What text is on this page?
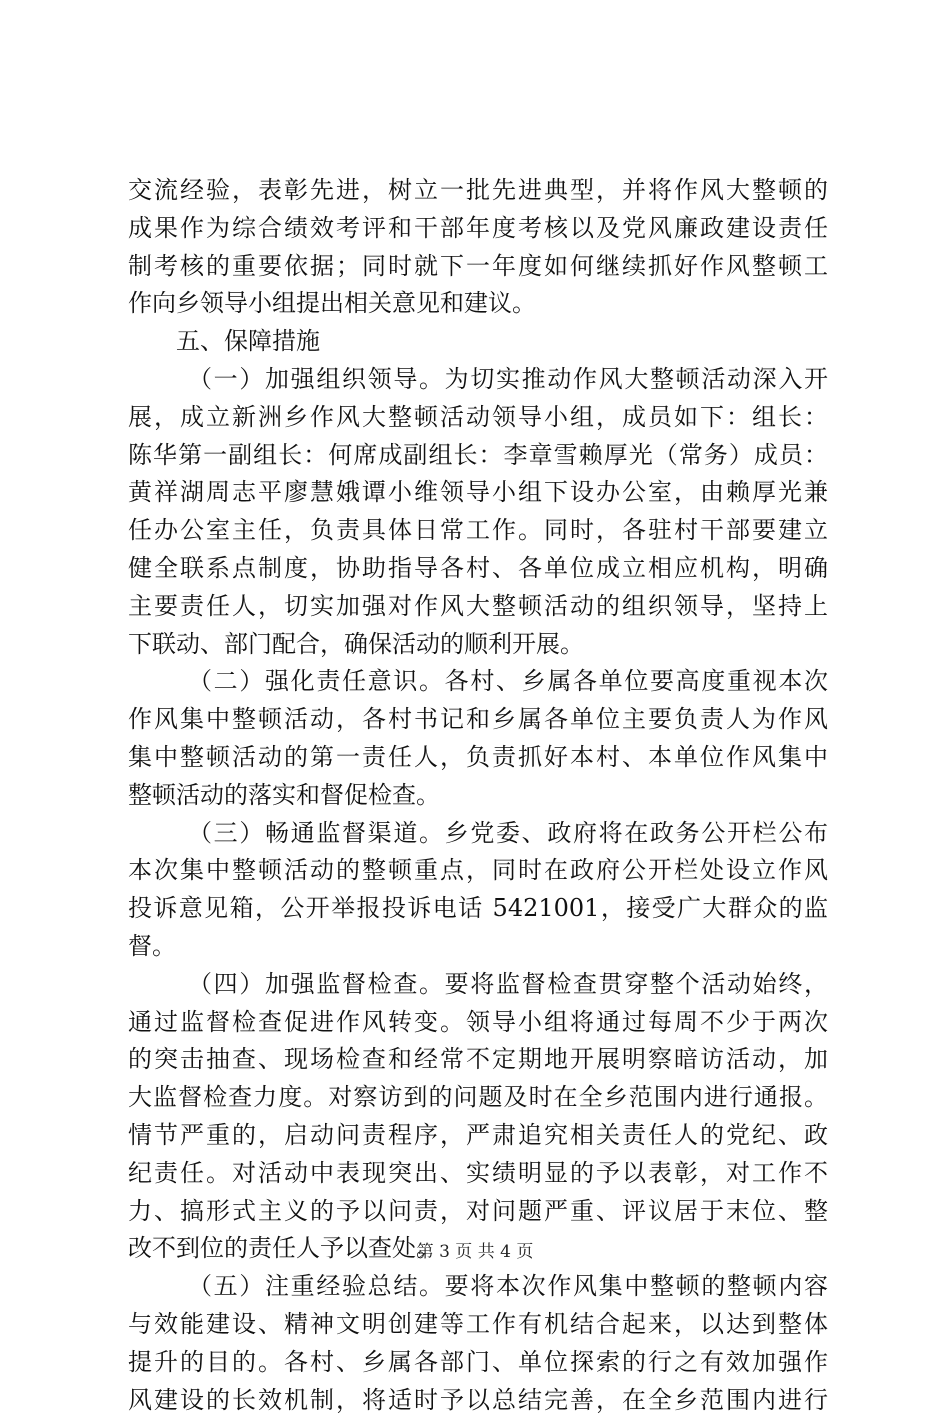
交流经验，表彰先进，树立一批先进典型，并将作风大整顿的
成果作为综合绩效考评和干部年度考核以及党风廉政建设责任
制考核的重要依据；同时就下一年度如何继续抓好作风整顿工
作向乡领导小组提出相关意见和建议。
五、保障措施
（一）加强组织领导。为切实推动作风大整顿活动深入开
展，成立新洲乡作风大整顿活动领导小组，成员如下：组长：
陈华第一副组长：何席成副组长：李章雪赖厚光（常务）成员：
黄祥湖周志平廖慧娥谭小维领导小组下设办公室，由赖厚光兼
任办公室主任，负责具体日常工作。同时，各驻村干部要建立
健全联系点制度，协助指导各村、各单位成立相应机构，明确
主要责任人，切实加强对作风大整顿活动的组织领导，坚持上
下联动、部门配合，确保活动的顺利开展。
（二）强化责任意识。各村、乡属各单位要高度重视本次
作风集中整顿活动，各村书记和乡属各单位主要负责人为作风
集中整顿活动的第一责任人，负责抓好本村、本单位作风集中
整顿活动的落实和督促检查。
（三）畅通监督渠道。乡党委、政府将在政务公开栏公布
本次集中整顿活动的整顿重点，同时在政府公开栏处设立作风
投诉意见箱，公开举报投诉电话 5421001，接受广大群众的监
督。
（四）加强监督检查。要将监督检查贯穿整个活动始终，
通过监督检查促进作风转变。领导小组将通过每周不少于两次
的突击抽查、现场检查和经常不定期地开展明察暗访活动，加
大监督检查力度。对察访到的问题及时在全乡范围内进行通报。
情节严重的，启动问责程序，严肃追究相关责任人的党纪、政
纪责任。对活动中表现突出、实绩明显的予以表彰，对工作不
力、搞形式主义的予以问责，对问题严重、评议居于末位、整
改不到位的责任人予以查处。
（五）注重经验总结。要将本次作风集中整顿的整顿内容
与效能建设、精神文明创建等工作有机结合起来，以达到整体
提升的目的。各村、乡属各部门、单位探索的行之有效加强作
风建设的长效机制，将适时予以总结完善，在全乡范围内进行
第 3 页 共 4 页
